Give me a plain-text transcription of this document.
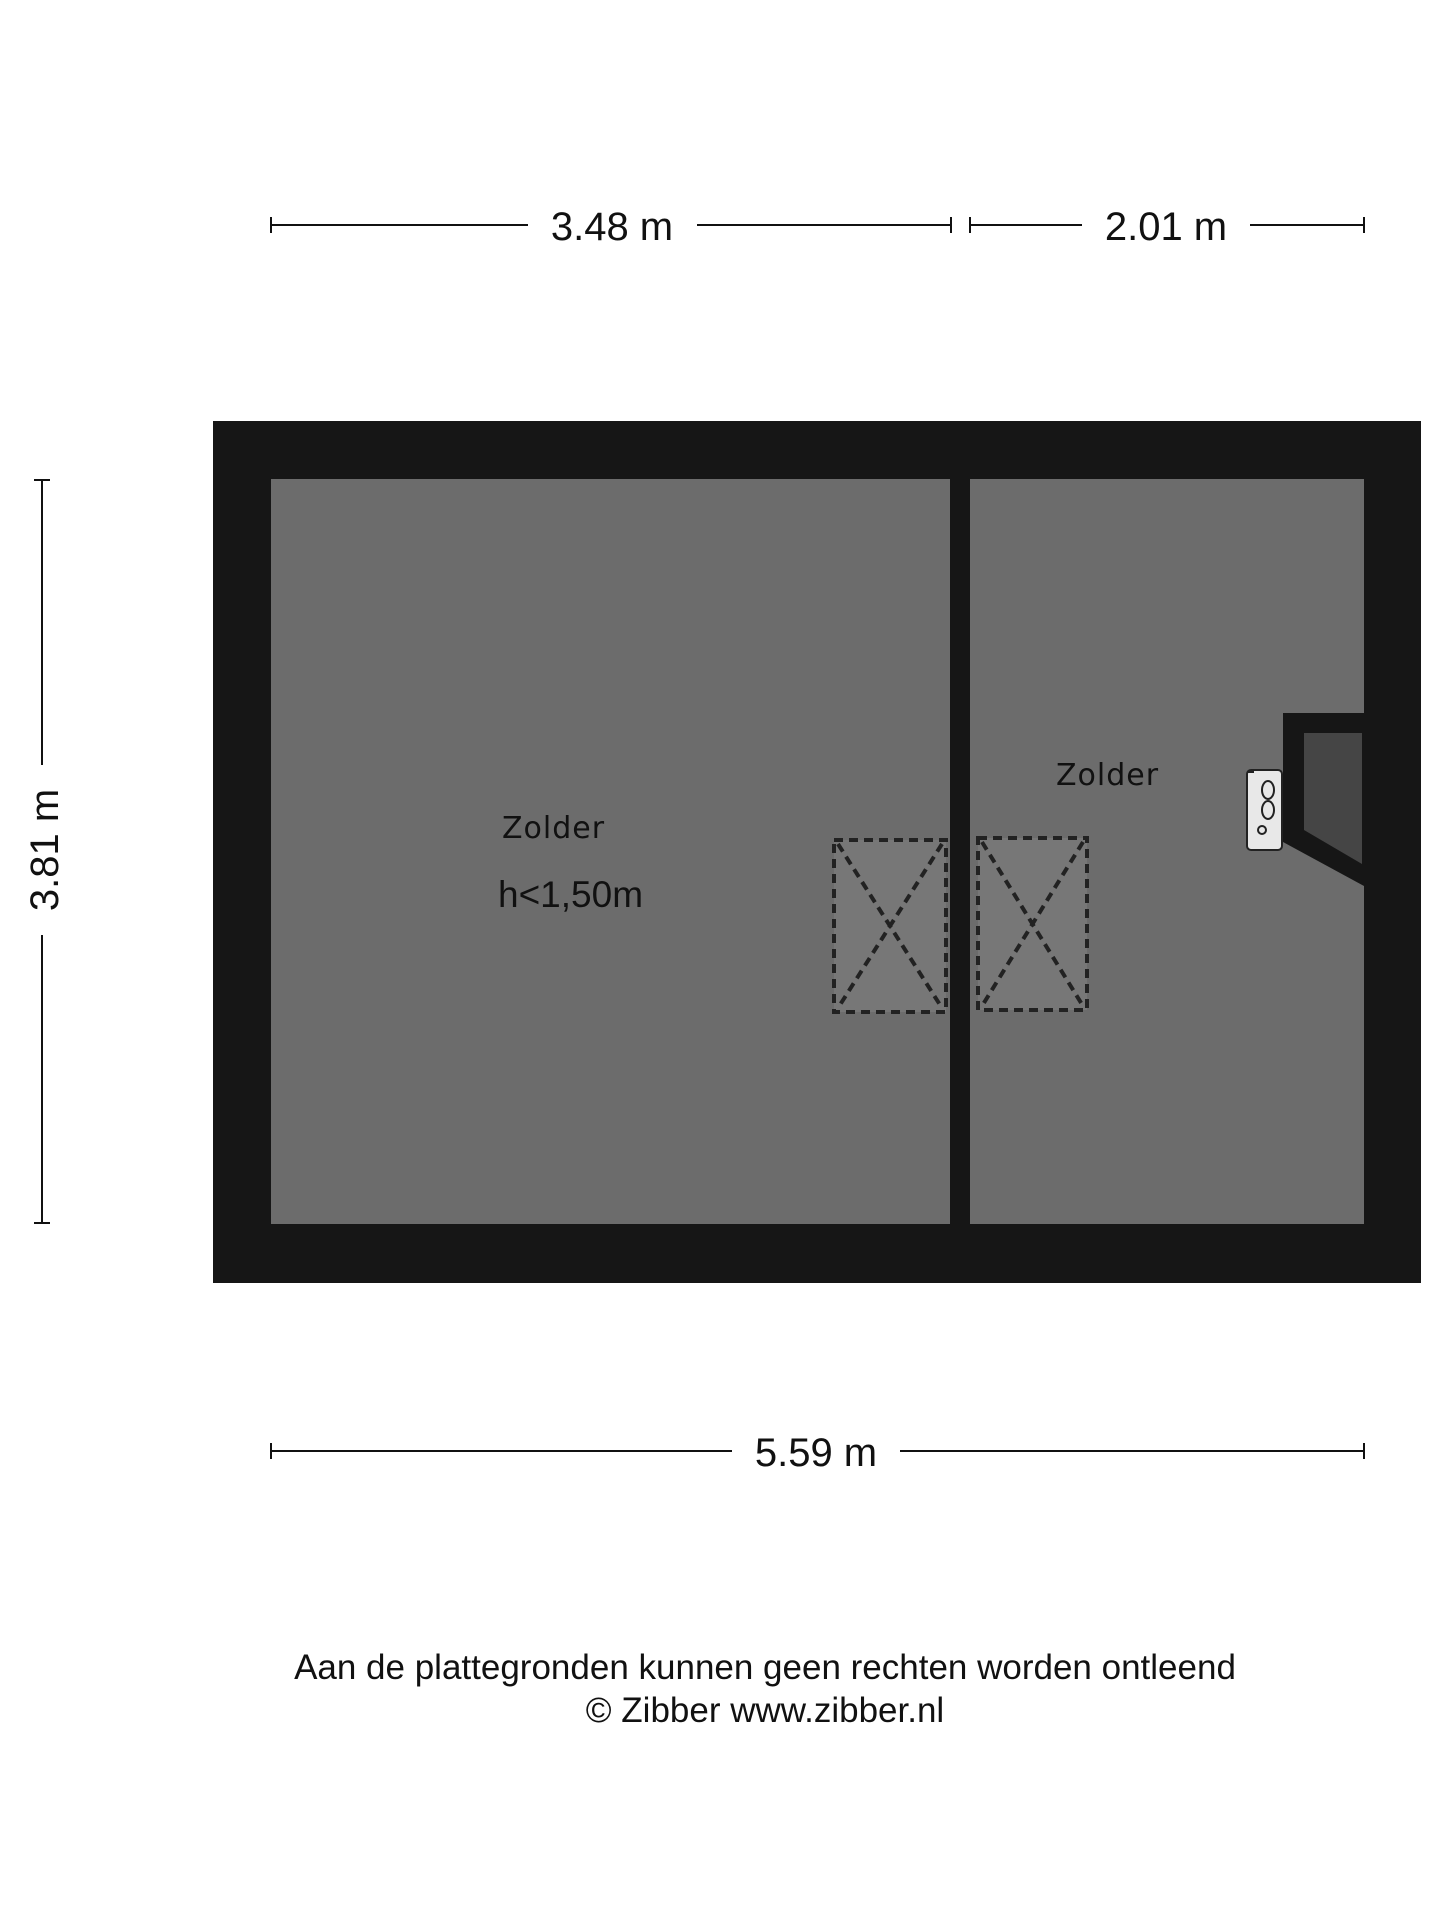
3.48 m	2.01 m
3.81 m
5.59 m
Zolder
h<1,50m
Zolder
Aan de plattegronden kunnen geen rechten worden ontleend
© Zibber www.zibber.nl
